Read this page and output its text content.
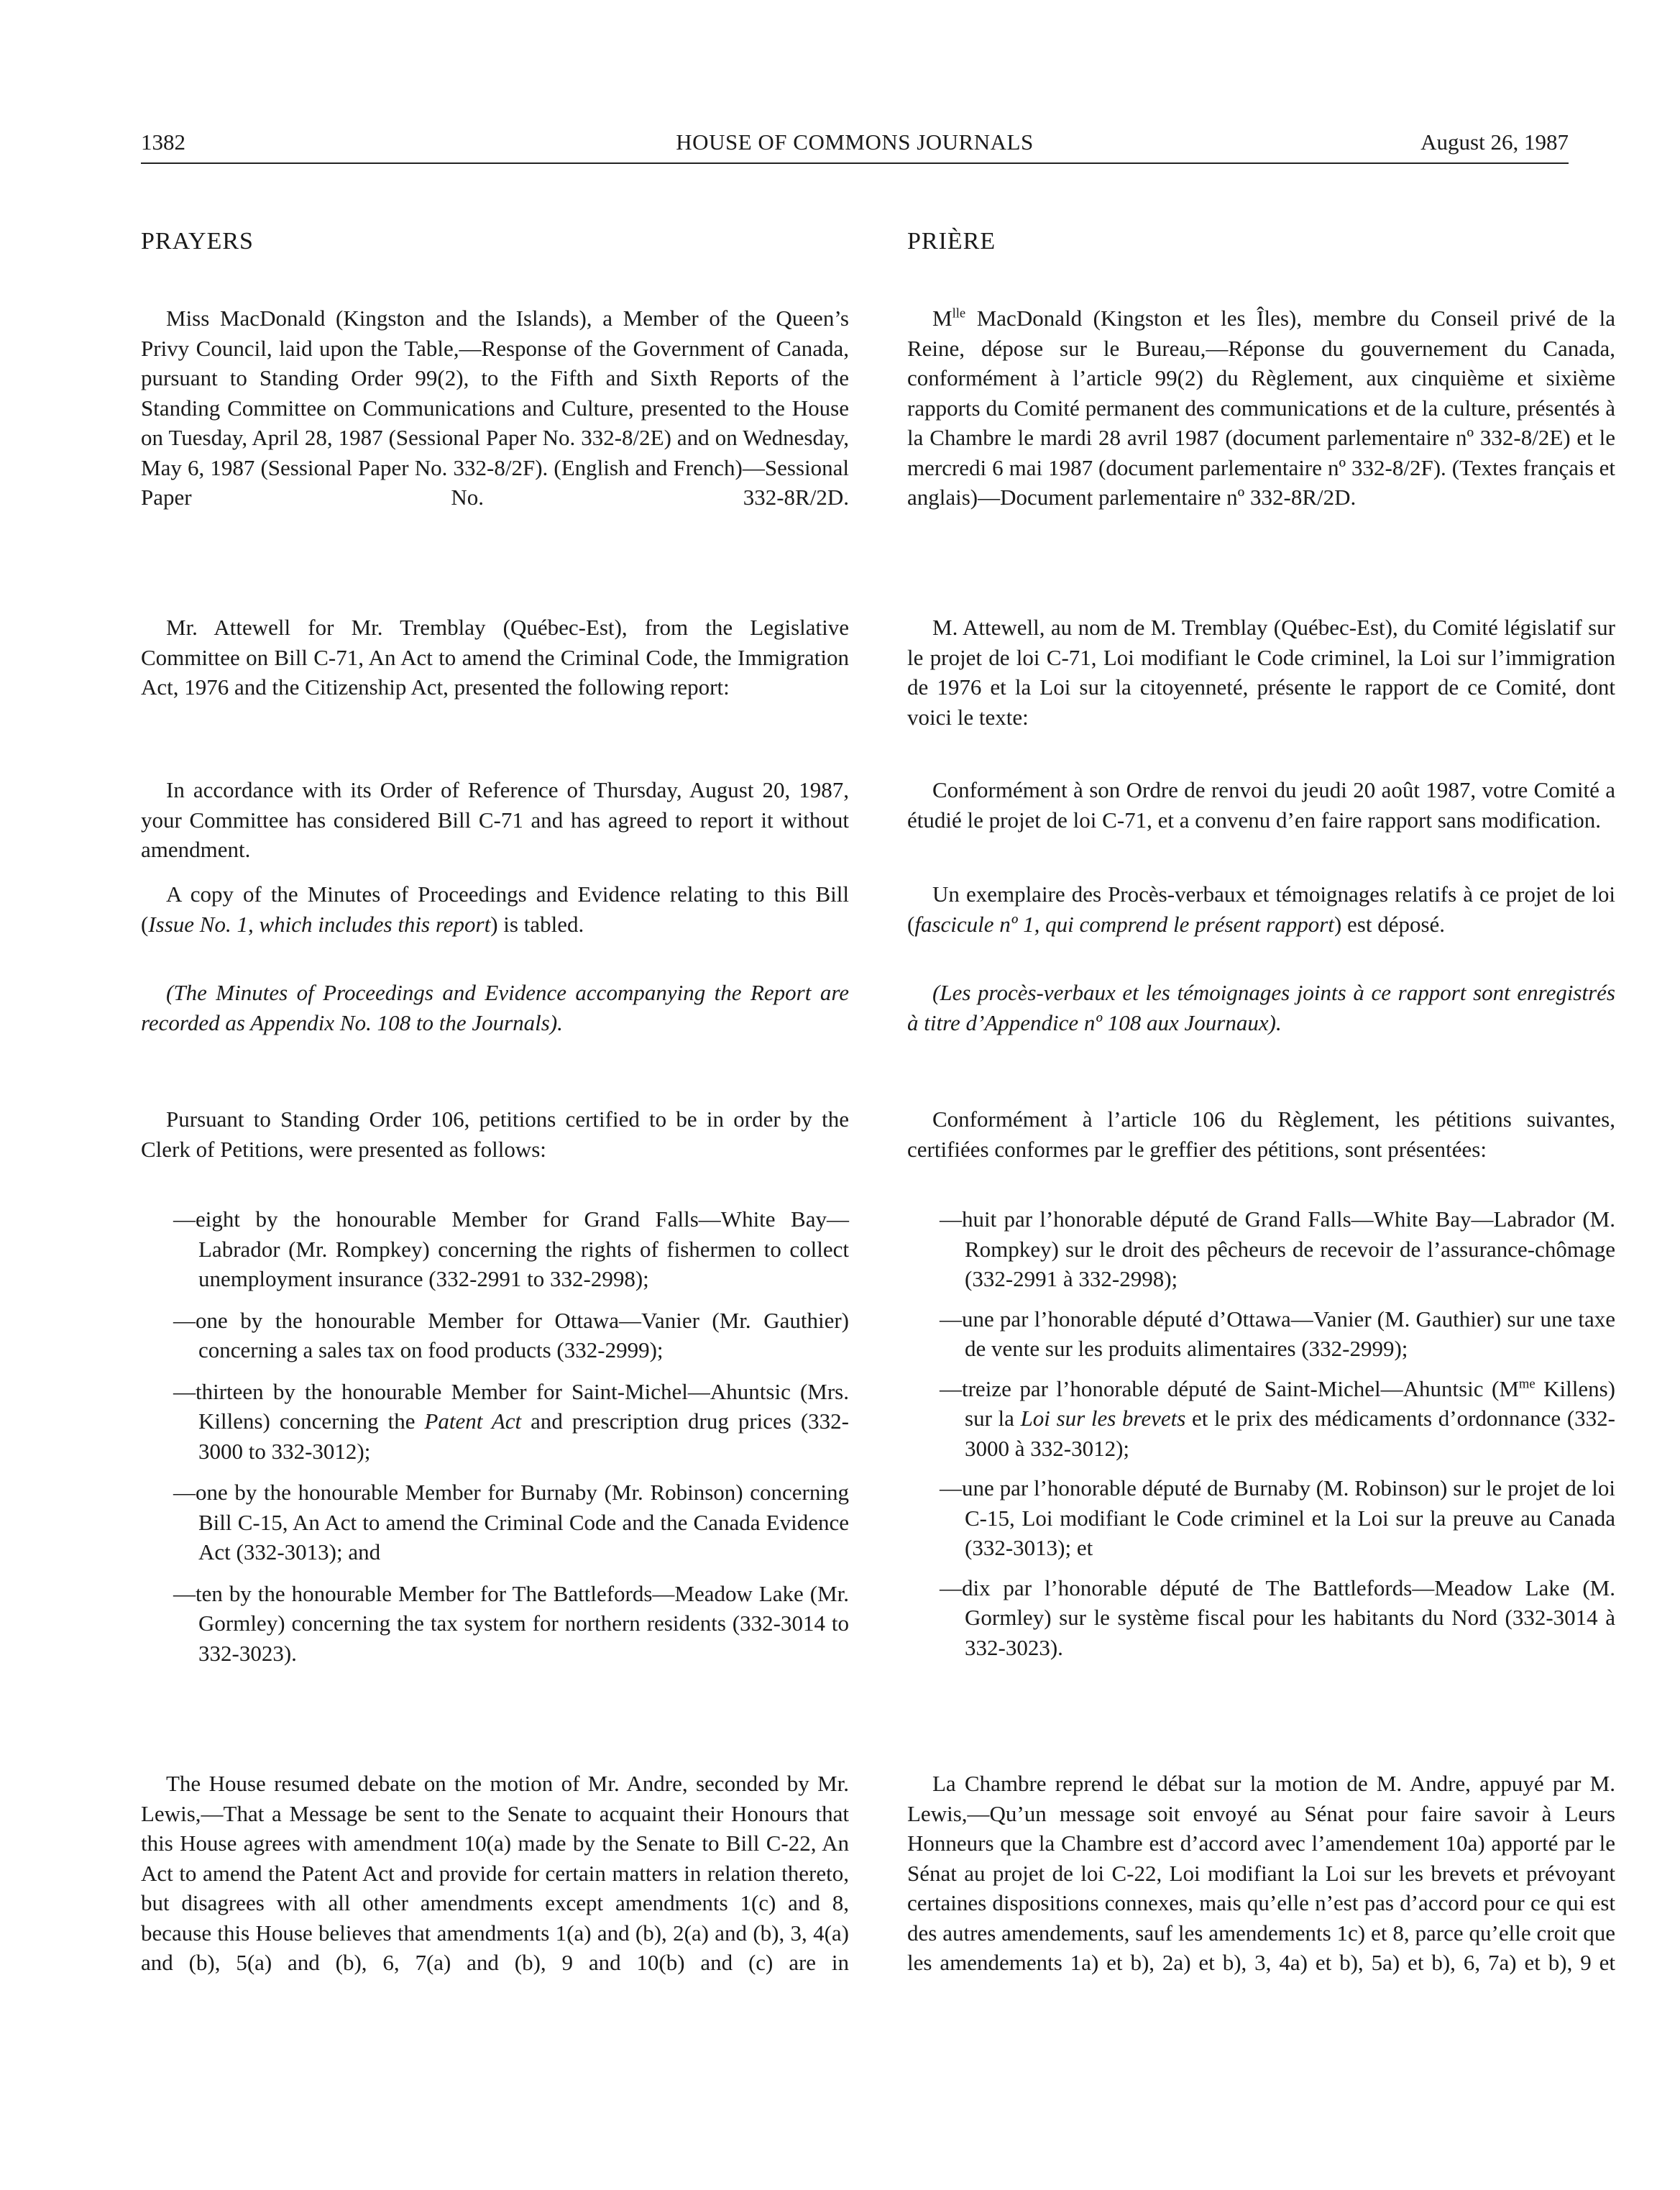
1382	HOUSE OF COMMONS JOURNALS	August 26, 1987
PRAYERS	PRIÈRE

Miss MacDonald (Kingston and the Islands), a Member of the Queen’s Privy Council, laid upon the Table,—Response of the Government of Canada, pursuant to Standing Order 99(2), to the Fifth and Sixth Reports of the Standing Committee on Communications and Culture, presented to the House on Tuesday, April 28, 1987 (Sessional Paper No. 332-8/2E) and on Wednesday, May 6, 1987 (Sessional Paper No. 332-8/2F). (English and French)—Sessional Paper No. 332-8R/2D.

Mr. Attewell for Mr. Tremblay (Québec-Est), from the Legislative Committee on Bill C-71, An Act to amend the Criminal Code, the Immigration Act, 1976 and the Citizenship Act, presented the following report:

In accordance with its Order of Reference of Thursday, August 20, 1987, your Committee has considered Bill C-71 and has agreed to report it without amendment.

A copy of the Minutes of Proceedings and Evidence relating to this Bill (Issue No. 1, which includes this report) is tabled.

(The Minutes of Proceedings and Evidence accompanying the Report are recorded as Appendix No. 108 to the Journals).

Pursuant to Standing Order 106, petitions certified to be in order by the Clerk of Petitions, were presented as follows:

—eight by the honourable Member for Grand Falls—White Bay—Labrador (Mr. Rompkey) concerning the rights of fishermen to collect unemployment insurance (332-2991 to 332-2998);

—one by the honourable Member for Ottawa—Vanier (Mr. Gauthier) concerning a sales tax on food products (332-2999);

—thirteen by the honourable Member for Saint-Michel—Ahuntsic (Mrs. Killens) concerning the Patent Act and prescription drug prices (332-3000 to 332-3012);

—one by the honourable Member for Burnaby (Mr. Robinson) concerning Bill C-15, An Act to amend the Criminal Code and the Canada Evidence Act (332-3013); and

—ten by the honourable Member for The Battlefords—Meadow Lake (Mr. Gormley) concerning the tax system for northern residents (332-3014 to 332-3023).

The House resumed debate on the motion of Mr. Andre, seconded by Mr. Lewis,—That a Message be sent to the Senate to acquaint their Honours that this House agrees with amendment 10(a) made by the Senate to Bill C-22, An Act to amend the Patent Act and provide for certain matters in relation thereto, but disagrees with all other amendments except amendments 1(c) and 8, because this House believes that amendments 1(a) and (b), 2(a) and (b), 3, 4(a) and (b), 5(a) and (b), 6, 7(a) and (b), 9 and 10(b) and (c) are in

$M^{lle}$ MacDonald (Kingston et les Îles), membre du Conseil privé de la Reine, dépose sur le Bureau,—Réponse du gouvernement du Canada, conformément à l’article 99(2) du Règlement, aux cinquième et sixième rapports du Comité permanent des communications et de la culture, présentés à la Chambre le mardi 28 avril 1987 (document parlementaire nº 332-8/2E) et le mercredi 6 mai 1987 (document parlementaire nº 332-8/2F). (Textes français et anglais)—Document parlementaire nº 332-8R/2D.

M. Attewell, au nom de M. Tremblay (Québec-Est), du Comité législatif sur le projet de loi C-71, Loi modifiant le Code criminel, la Loi sur l’immigration de 1976 et la Loi sur la citoyenneté, présente le rapport de ce Comité, dont voici le texte:

Conformément à son Ordre de renvoi du jeudi 20 août 1987, votre Comité a étudié le projet de loi C-71, et a convenu d’en faire rapport sans modification.

Un exemplaire des Procès-verbaux et témoignages relatifs à ce projet de loi (fascicule nº 1, qui comprend le présent rapport) est déposé.

(Les procès-verbaux et les témoignages joints à ce rapport sont enregistrés à titre d’Appendice nº 108 aux Journaux).

Conformément à l’article 106 du Règlement, les pétitions suivantes, certifiées conformes par le greffier des pétitions, sont présentées:

—huit par l’honorable député de Grand Falls—White Bay—Labrador (M. Rompkey) sur le droit des pêcheurs de recevoir de l’assurance-chômage (332-2991 à 332-2998);

—une par l’honorable député d’Ottawa—Vanier (M. Gauthier) sur une taxe de vente sur les produits alimentaires (332-2999);

—treize par l’honorable député de Saint-Michel—Ahuntsic ($M^{me}$ Killens) sur la Loi sur les brevets et le prix des médicaments d’ordonnance (332-3000 à 332-3012);

—une par l’honorable député de Burnaby (M. Robinson) sur le projet de loi C-15, Loi modifiant le Code criminel et la Loi sur la preuve au Canada (332-3013); et

—dix par l’honorable député de The Battlefords—Meadow Lake (M. Gormley) sur le système fiscal pour les habitants du Nord (332-3014 à 332-3023).

La Chambre reprend le débat sur la motion de M. Andre, appuyé par M. Lewis,—Qu’un message soit envoyé au Sénat pour faire savoir à Leurs Honneurs que la Chambre est d’accord avec l’amendement 10a) apporté par le Sénat au projet de loi C-22, Loi modifiant la Loi sur les brevets et prévoyant certaines dispositions connexes, mais qu’elle n’est pas d’accord pour ce qui est des autres amendements, sauf les amendements 1c) et 8, parce qu’elle croit que les amendements 1a) et b), 2a) et b), 3, 4a) et b), 5a) et b), 6, 7a) et b), 9 et
